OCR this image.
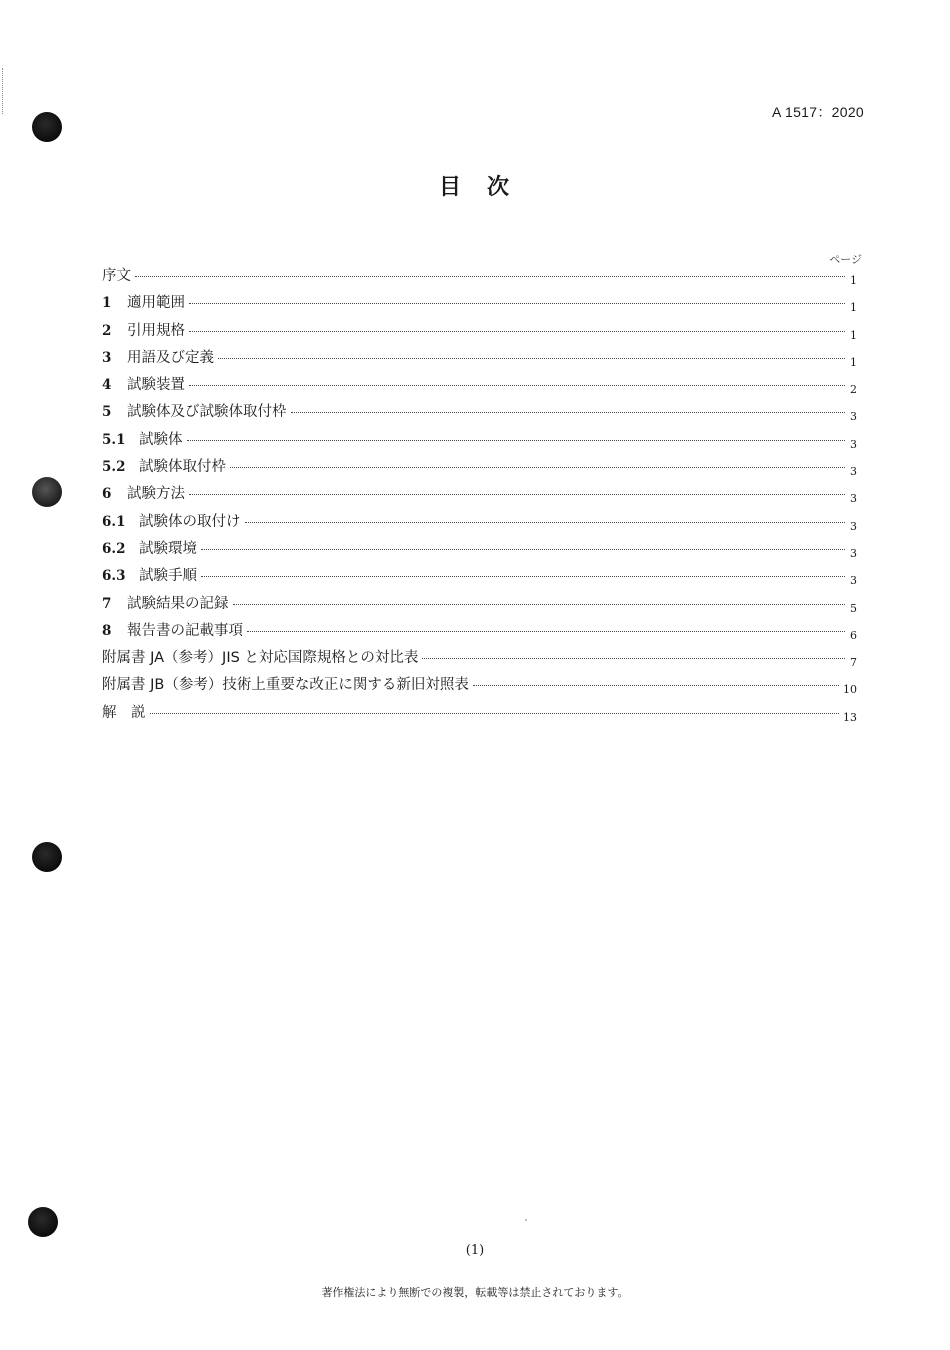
A 1517：2020
目　次
ページ
序文	1
1	適用範囲	1
2	引用規格	1
3	用語及び定義	1
4	試験装置	2
5	試験体及び試験体取付枠	3
5.1 試験体	3
5.2 試験体取付枠	3
6	試験方法	3
6.1 試験体の取付け	3
6.2 試験環境	3
6.3 試験手順	3
7	試験結果の記録	5
8	報告書の記載事項	6
附属書 JA（参考）JIS と対応国際規格との対比表	7
附属書 JB（参考）技術上重要な改正に関する新旧対照表	10
解　説	13
(1)
著作権法により無断での複製，転載等は禁止されております。
